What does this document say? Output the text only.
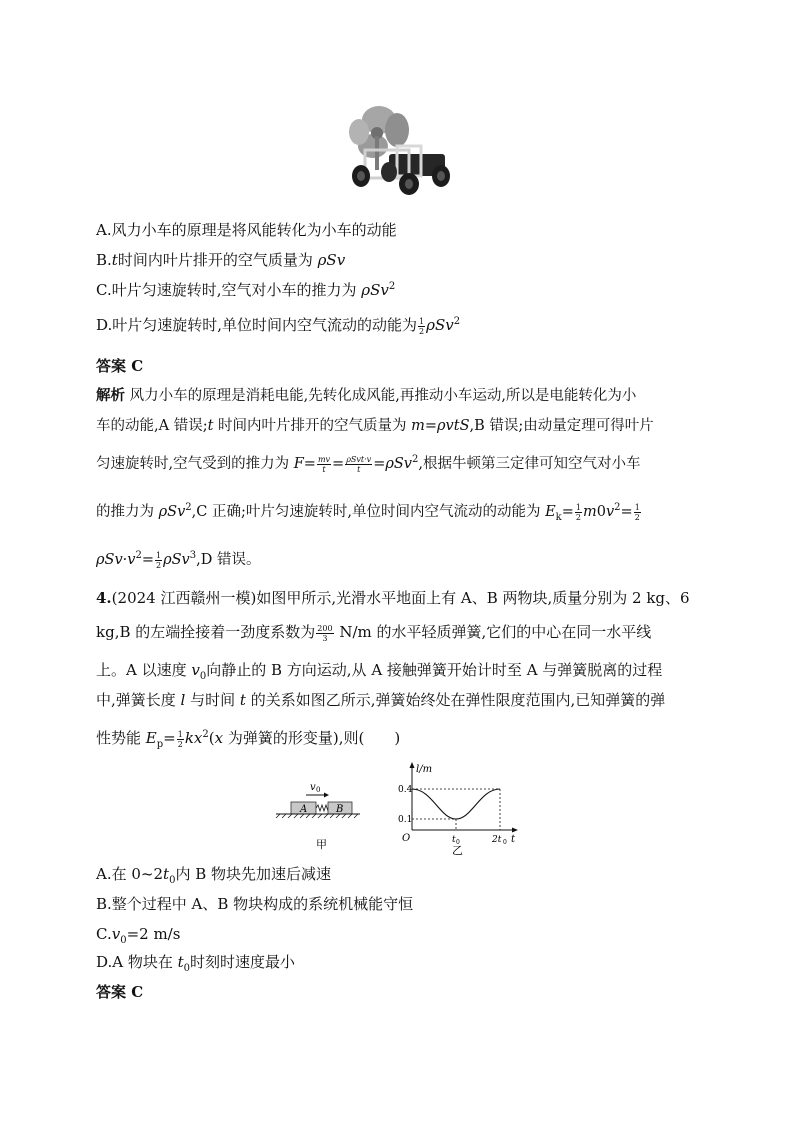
A.风力小车的原理是将风能转化为小车的动能
B.t时间内叶片排开的空气质量为 ρSv
C.叶片匀速旋转时,空气对小车的推力为 ρSv$^2$
D.叶片匀速旋转时,单位时间内空气流动的动能为 $\frac{1}{2} \rho Sv^2$
答案 C
解析 风力小车的原理是消耗电能,先转化成风能,再推动小车运动,所以是电能转化为小
车的动能,A 错误;t 时间内叶片排开的空气质量为 m=ρvtS,B 错误;由动量定理可得叶片
匀速旋转时,空气受到的推力为 $F= \frac{mv}{t} = \frac{\text{ρSvt·v}}{t} =\rho Sv^2$,根据牛顿第三定律可知空气对小车
的推力为 ρSv$^2$,C 正确;叶片匀速旋转时,单位时间内空气流动的动能为 $E_k= \frac{1}{2} m0v^2= \frac{1}{2}$
$\rho Sv\cdot v^2= \frac{1}{2} \rho Sv^3,D$ 错误。
4.(2024 江西赣州一模)如图甲所示,光滑水平地面上有 A、B 两物块,质量分别为 2 kg、6
kg,B 的左端拴接着一劲度系数为 $\frac{200}{3} N/m$ 的水平轻质弹簧,它们的中心在同一水平线
上。A 以速度 $v_0$向静止的 B 方向运动,从 A 接触弹簧开始计时至 A 与弹簧脱离的过程
中,弹簧长度 l 与时间 t 的关系如图乙所示,弹簧始终处在弹性限度范围内,已知弹簧的弹
性势能 $E_p= \frac{1}{2} kx^2(x$ 为弹簧的形变量),则(　　)
v 0
A	B
甲
l/m
0.4
0.1
O	t 0	2t 0 t
乙
A.在 $0\sim 2t_0$内 B 物块先加速后减速
B.整个过程中 A、B 物块构成的系统机械能守恒
$C.v_0=2$ m/s
D.A 物块在 $t_0$时刻时速度最小
答案 C
